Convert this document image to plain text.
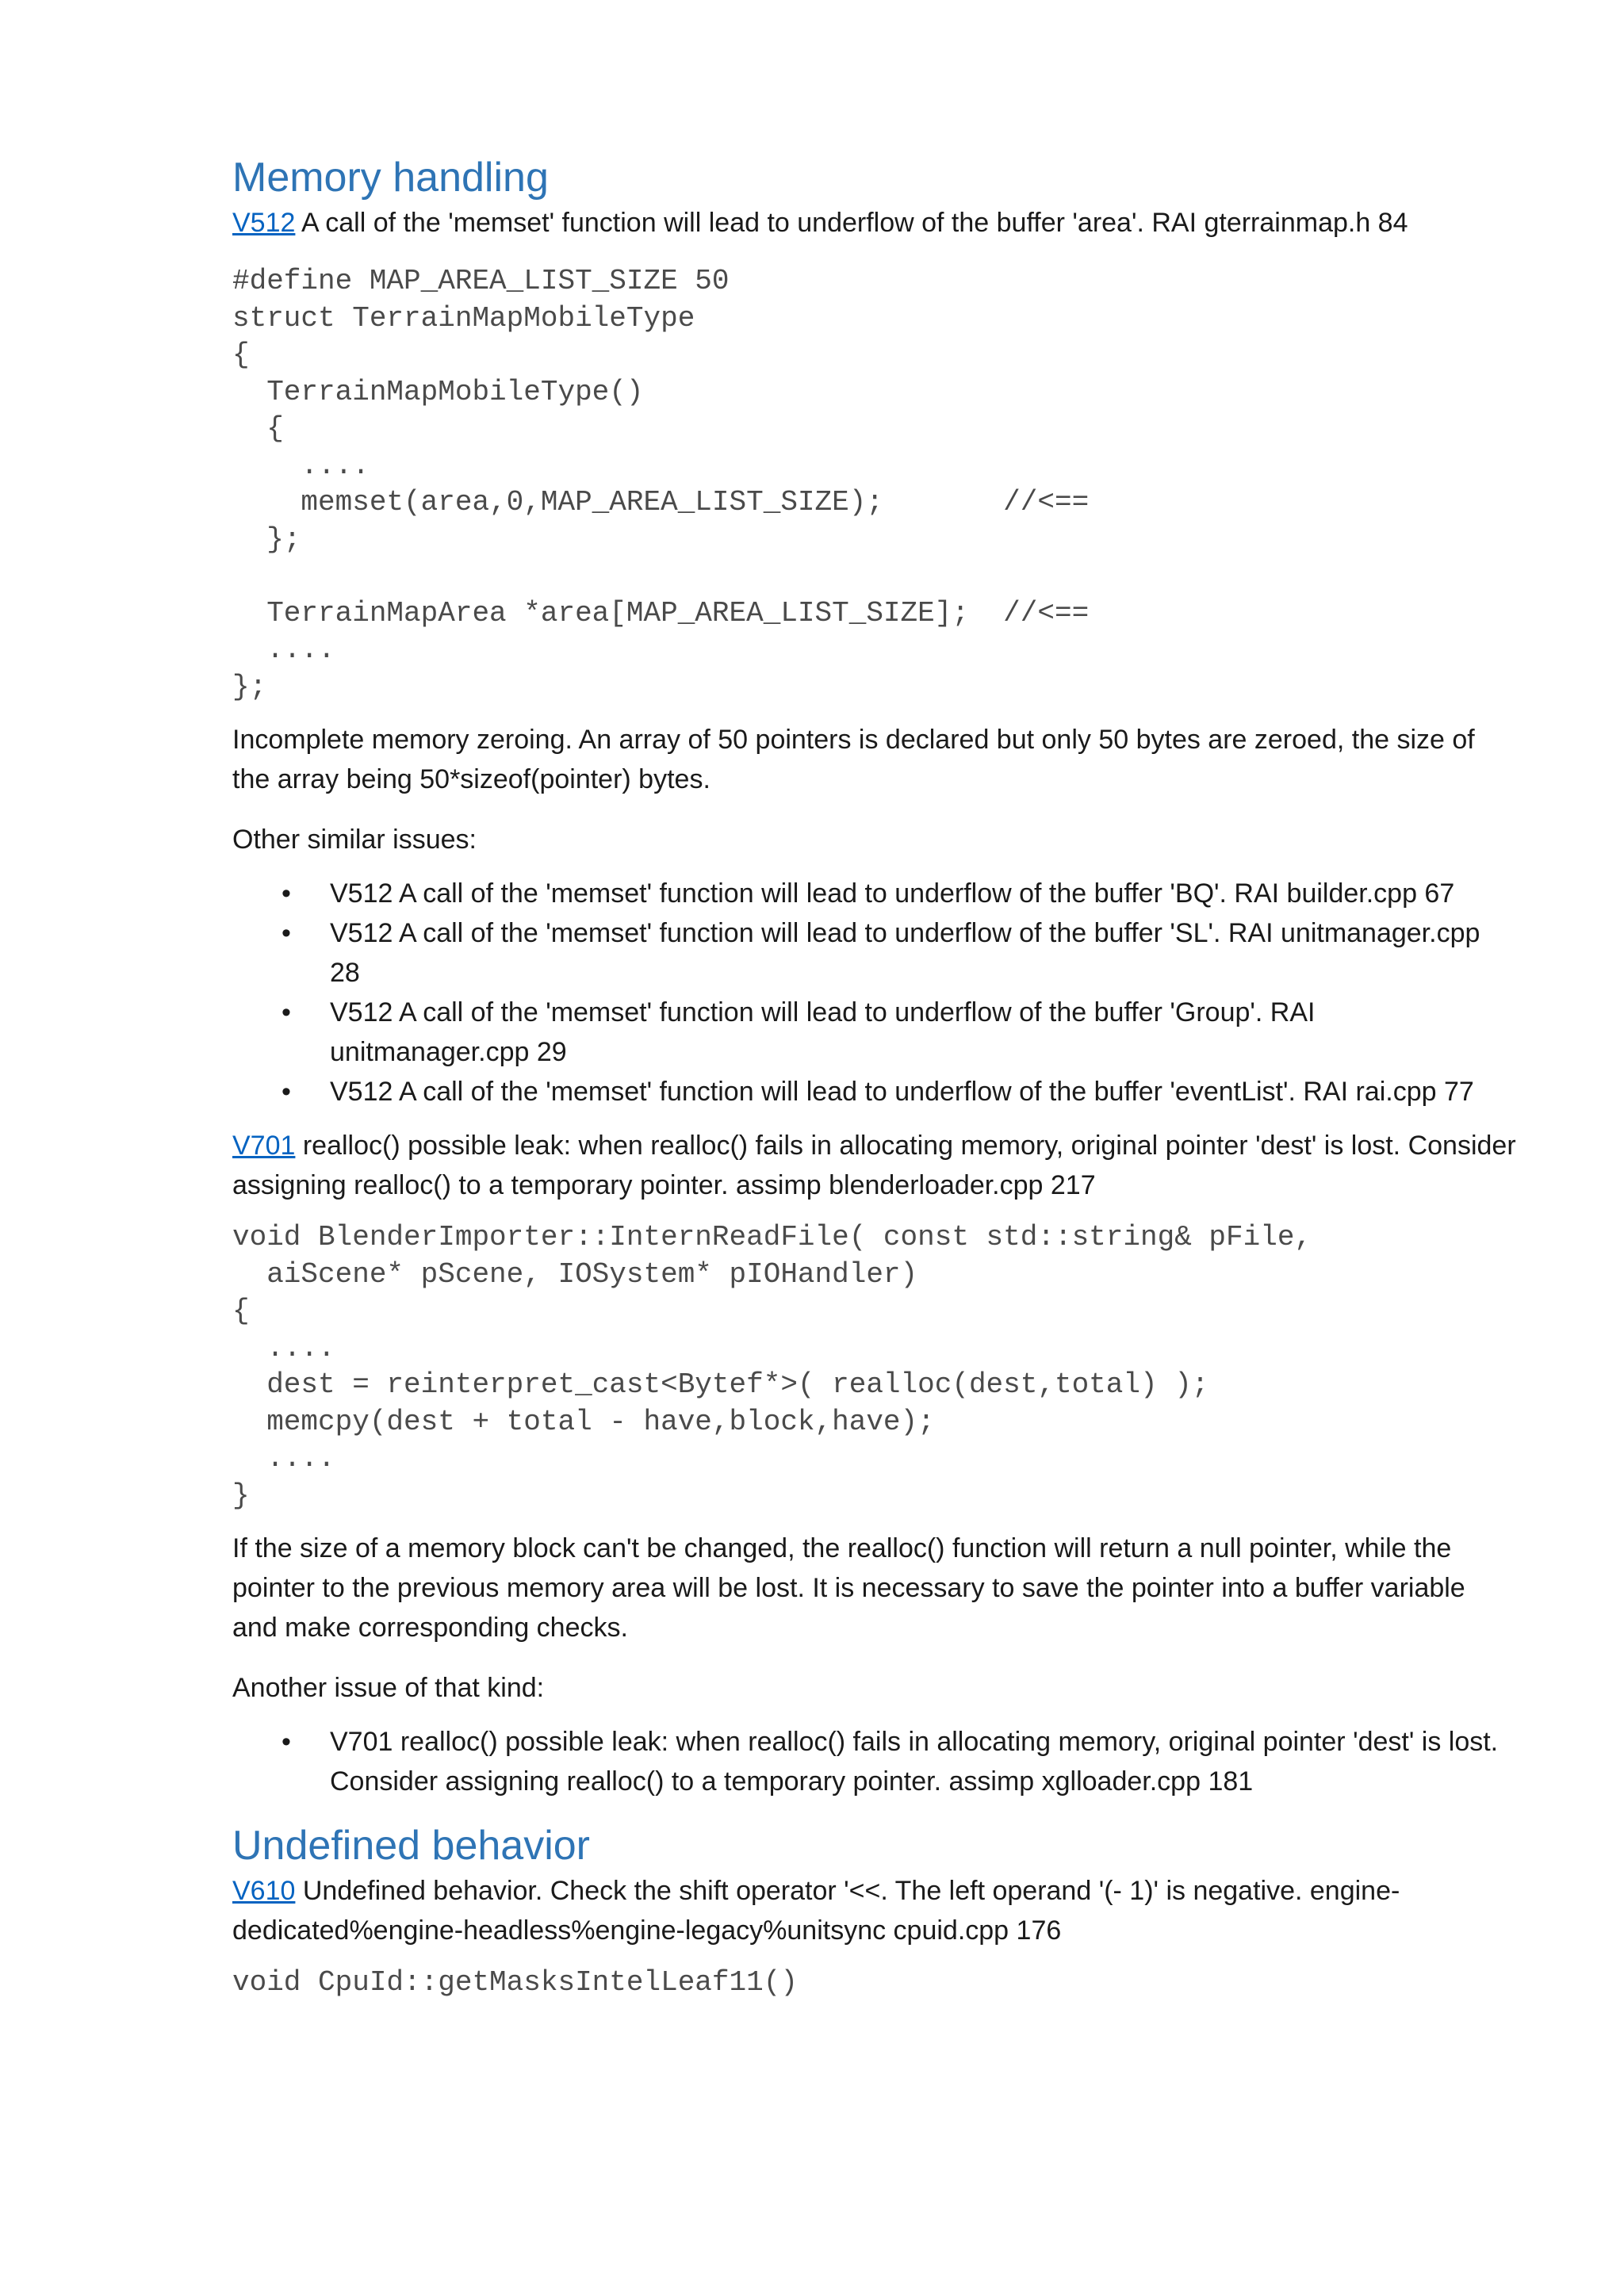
Memory handling

V512 A call of the 'memset' function will lead to underflow of the buffer 'area'. RAI gterrainmap.h 84

#define MAP_AREA_LIST_SIZE 50
struct TerrainMapMobileType
{
TerrainMapMobileType()
{
....
memset(area,0,MAP_AREA_LIST_SIZE);       //<==
};

TerrainMapArea *area[MAP_AREA_LIST_SIZE];  //<==
....
};

Incomplete memory zeroing. An array of 50 pointers is declared but only 50 bytes are zeroed, the size of the array being 50*sizeof(pointer) bytes.

Other similar issues:

• V512 A call of the 'memset' function will lead to underflow of the buffer 'BQ'. RAI builder.cpp 67
• V512 A call of the 'memset' function will lead to underflow of the buffer 'SL'. RAI unitmanager.cpp 28
• V512 A call of the 'memset' function will lead to underflow of the buffer 'Group'. RAI unitmanager.cpp 29
• V512 A call of the 'memset' function will lead to underflow of the buffer 'eventList'. RAI rai.cpp 77

V701 realloc() possible leak: when realloc() fails in allocating memory, original pointer 'dest' is lost. Consider assigning realloc() to a temporary pointer. assimp blenderloader.cpp 217

void BlenderImporter::InternReadFile( const std::string& pFile,
aiScene* pScene, IOSystem* pIOHandler)
{
....
dest = reinterpret_cast<Bytef*>( realloc(dest,total) );
memcpy(dest + total - have,block,have);
....
}

If the size of a memory block can't be changed, the realloc() function will return a null pointer, while the pointer to the previous memory area will be lost. It is necessary to save the pointer into a buffer variable and make corresponding checks.

Another issue of that kind:

• V701 realloc() possible leak: when realloc() fails in allocating memory, original pointer 'dest' is lost. Consider assigning realloc() to a temporary pointer. assimp xglloader.cpp 181
Undefined behavior

V610 Undefined behavior. Check the shift operator '<<. The left operand '(- 1)' is negative. engine-dedicated%engine-headless%engine-legacy%unitsync cpuid.cpp 176

void CpuId::getMasksIntelLeaf11()
